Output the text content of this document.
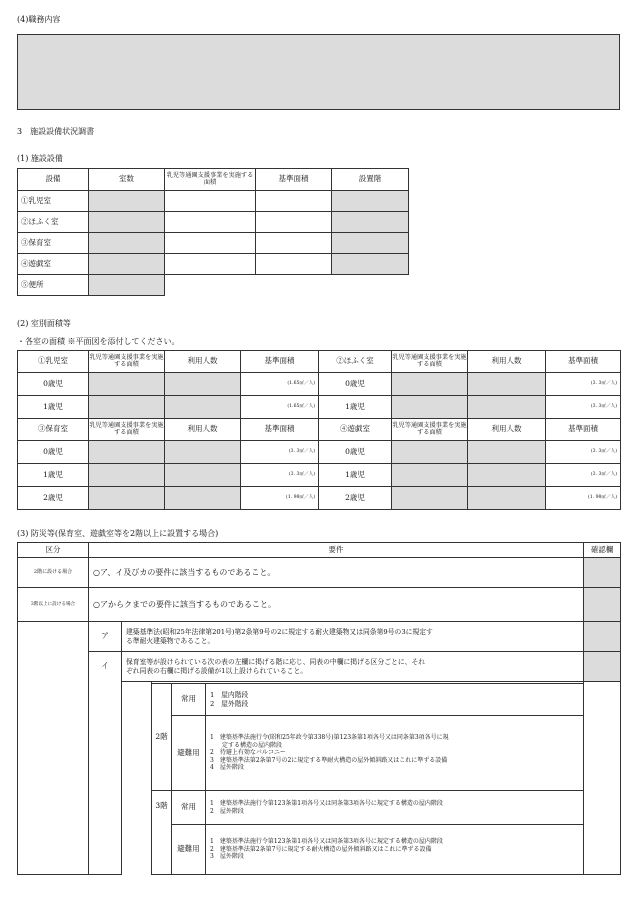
(4)職務内容
3　施設設備状況調書
(1) 施設設備
設備	室数	乳児等通園支援事業を実施する面積	基準面積	設置階
①乳児室				
②ほふく室				
③保育室				
④遊戯室				
⑤便所				
(2) 室別面積等
・各室の面積 ※平面図を添付してください。
①乳児室	乳児等通園支援事業を実施する面積	利用人数	基準面積	②ほふく室	乳児等通園支援事業を実施する面積	利用人数	基準面積
0歳児			(1.65㎡／人)	0歳児			(3. 3㎡／人)
1歳児			(1.65㎡／人)	1歳児			(3. 3㎡／人)
③保育室	乳児等通園支援事業を実施する面積	利用人数	基準面積	④遊戯室	乳児等通園支援事業を実施する面積	利用人数	基準面積
0歳児			(3. 3㎡／人)	0歳児			(3. 3㎡／人)
1歳児			(3. 3㎡／人)	1歳児			(3. 3㎡／人)
2歳児			(1. 98㎡／人)	2歳児			(1. 98㎡／人)
(3) 防災等(保育室、遊戯室等を2階以上に設置する場合)
区分	要件					確認欄
2階に設ける場合	○ア、イ及びカの要件に該当するものであること。					
3階以上に設ける場合	○アからクまでの要件に該当するものであること。					
	ア	建築基準法(昭和25年法律第201号)第2条第9号の2に規定する耐火建築物又は同条第9号の3に規定す
る準耐火建築物であること。				

	イ	保育室等が設けられている次の表の左欄に掲げる階に応じ、同表の中欄に掲げる区分ごとに、それ
ぞれ同表の右欄に掲げる設備が1以上設けられていること。				

			2階	常用	1　屋内階段
2　屋外階段	

				避難用	1　建築基準法施行令(昭和25年政令第338号)第123条第1項各号又は同条第3項各号に規
　　定する構造の屋内階段
2　待避上有効なバルコニー
3　建築基準法第2条第7号の2に規定する準耐火構造の屋外傾斜路又はこれに準ずる設備
4　屋外階段	

			3階	常用	1　建築基準法施行令第123条第1項各号又は同条第3項各号に規定する構造の屋内階段
2　屋外階段	

				避難用	1　建築基準法施行令第123条第1項各号又は同条第3項各号に規定する構造の屋内階段
2　建築基準法第2条第7号に規定する耐火構造の屋外傾斜路又はこれに準ずる設備
3　屋外階段	
